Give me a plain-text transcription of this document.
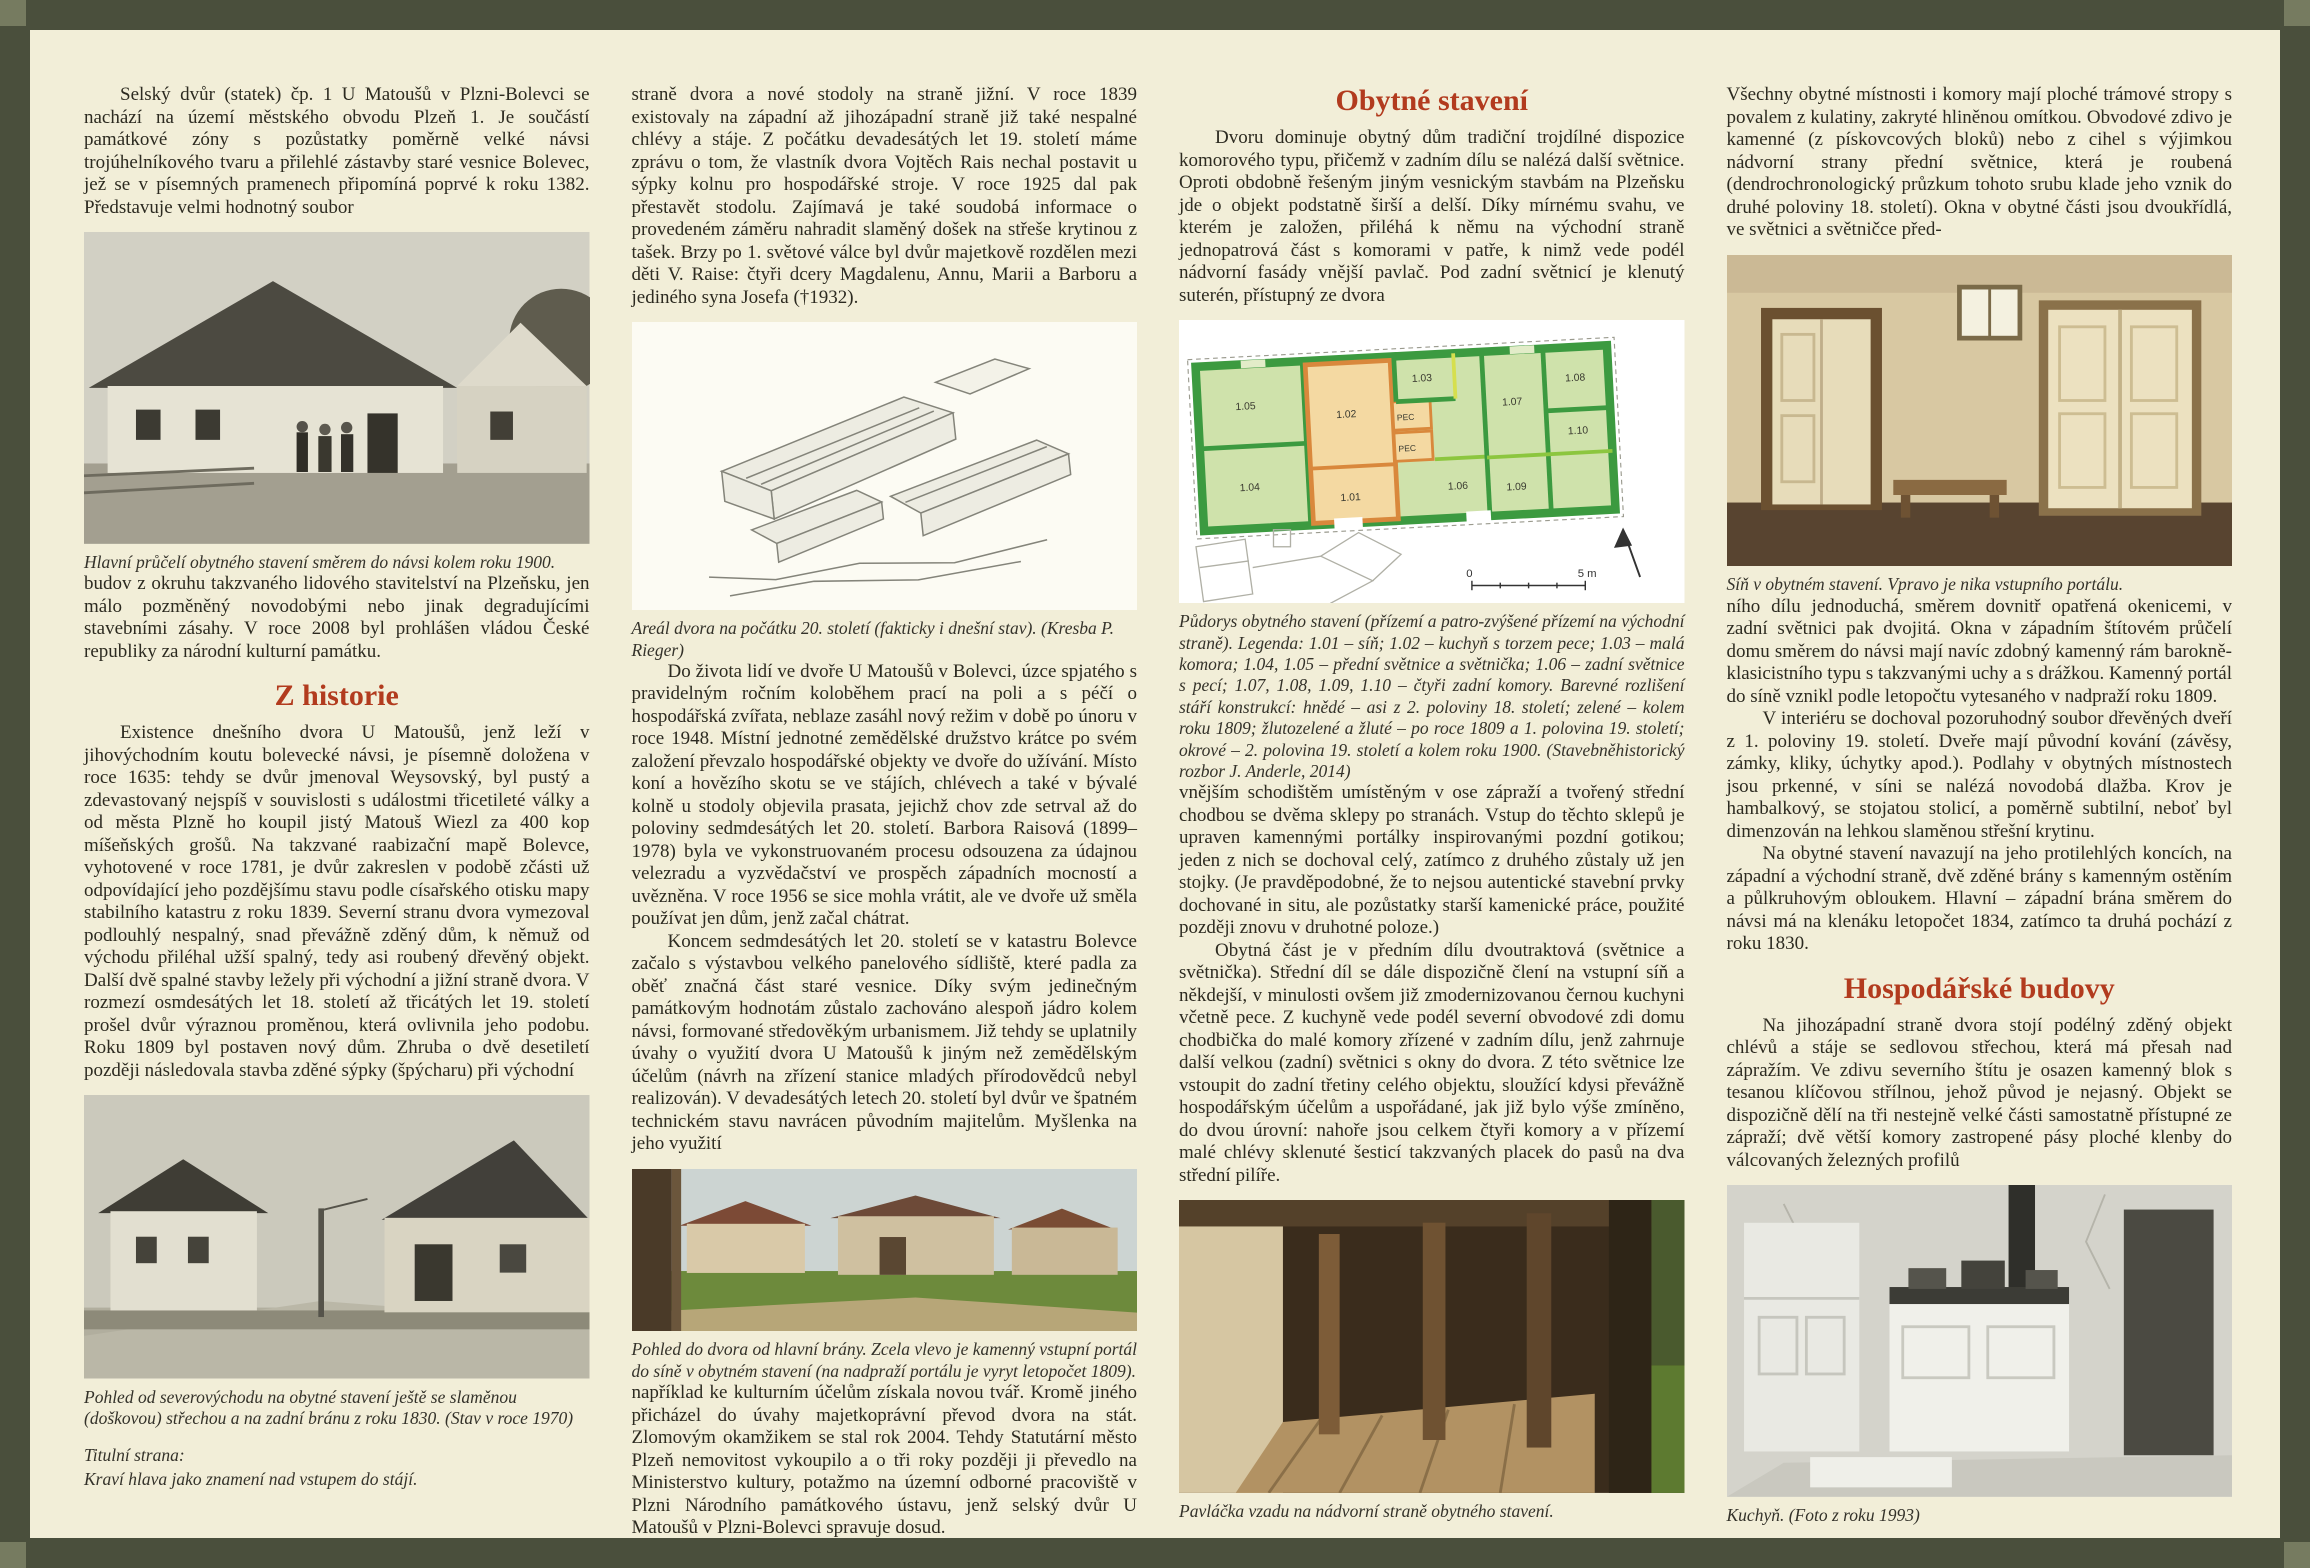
Selský dvůr (statek) čp. 1 U Matoušů v Plzni-Bolevci se nachází na území městského obvodu Plzeň 1. Je součástí památkové zóny s pozůstatky poměrně velké návsi trojúhelníkového tvaru a přilehlé zástavby staré vesnice Bolevec, jež se v písemných pramenech připomíná poprvé k roku 1382. Představuje velmi hodnotný soubor

Hlavní průčelí obytného stavení směrem do návsi kolem roku 1900.

budov z okruhu takzvaného lidového stavitelství na Plzeňsku, jen málo pozměněný novodobými nebo jinak degradujícími stavebními zásahy. V roce 2008 byl prohlášen vládou České republiky za národní kulturní památku.

Z historie

Existence dnešního dvora U Matoušů, jenž leží v jihovýchodním koutu bolevecké návsi, je písemně doložena v roce 1635: tehdy se dvůr jmenoval Weysovský, byl pustý a zdevastovaný nejspíš v souvislosti s událostmi třicetileté války a od města Plzně ho koupil jistý Matouš Wiezl za 400 kop míšeňských grošů. Na takzvané raabizační mapě Bolevce, vyhotovené v roce 1781, je dvůr zakreslen v podobě zčásti už odpovídající jeho pozdějšímu stavu podle císařského otisku mapy stabilního katastru z roku 1839. Severní stranu dvora vymezoval podlouhlý nespalný, snad převážně zděný dům, k němuž od východu přiléhal užší spalný, tedy asi roubený dřevěný objekt. Další dvě spalné stavby ležely při východní a jižní straně dvora. V rozmezí osmdesátých let 18. století až třicátých let 19. století prošel dvůr výraznou proměnou, která ovlivnila jeho podobu. Roku 1809 byl postaven nový dům. Zhruba o dvě desetiletí později následovala stavba zděné sýpky (špýcharu) při východní

Pohled od severovýchodu na obytné stavení ještě se slaměnou (doškovou) střechou a na zadní bránu z roku 1830. (Stav v roce 1970)

Titulní strana:

Kraví hlava jako znamení nad vstupem do stájí.

straně dvora a nové stodoly na straně jižní. V roce 1839 existovaly na západní až jihozápadní straně již také nespalné chlévy a stáje. Z počátku devadesátých let 19. století máme zprávu o tom, že vlastník dvora Vojtěch Rais nechal postavit u sýpky kolnu pro hospodářské stroje. V roce 1925 dal pak přestavět stodolu. Zajímavá je také soudobá informace o provedeném záměru nahradit slaměný došek na střeše krytinou z tašek. Brzy po 1. světové válce byl dvůr majetkově rozdělen mezi děti V. Raise: čtyři dcery Magdalenu, Annu, Marii a Barboru a jediného syna Josefa (†1932).

Areál dvora na počátku 20. století (fakticky i dnešní stav). (Kresba P. Rieger)

Do života lidí ve dvoře U Matoušů v Bolevci, úzce spjatého s pravidelným ročním koloběhem prací na poli a s péčí o hospodářská zvířata, neblaze zasáhl nový režim v době po únoru v roce 1948. Místní jednotné zemědělské družstvo krátce po svém založení převzalo hospodářské objekty ve dvoře do užívání. Místo koní a hovězího skotu se ve stájích, chlévech a také v bývalé kolně u stodoly objevila prasata, jejichž chov zde setrval až do poloviny sedmdesátých let 20. století. Barbora Raisová (1899–1978) byla ve vykonstruovaném procesu odsouzena za údajnou velezradu a vyzvědačství ve prospěch západních mocností a uvězněna. V roce 1956 se sice mohla vrátit, ale ve dvoře už směla používat jen dům, jenž začal chátrat.

Koncem sedmdesátých let 20. století se v katastru Bolevce začalo s výstavbou velkého panelového sídliště, které padla za oběť značná část staré vesnice. Díky svým jedinečným památkovým hodnotám zůstalo zachováno alespoň jádro kolem návsi, formované středověkým urbanismem. Již tehdy se uplatnily úvahy o využití dvora U Matoušů k jiným než zemědělským účelům (návrh na zřízení stanice mladých přírodovědců nebyl realizován). V devadesátých letech 20. století byl dvůr ve špatném technickém stavu navrácen původním majitelům. Myšlenka na jeho využití

Pohled do dvora od hlavní brány. Zcela vlevo je kamenný vstupní portál do síně v obytném stavení (na nadpraží portálu je vyryt letopočet 1809).

například ke kulturním účelům získala novou tvář. Kromě jiného přicházel do úvahy majetkoprávní převod dvora na stát. Zlomovým okamžikem se stal rok 2004. Tehdy Statutární město Plzeň nemovitost vykoupilo a o tři roky později ji převedlo na Ministerstvo kultury, potažmo na územní odborné pracoviště v Plzni Národního památkového ústavu, jenž selský dvůr U Matoušů v Plzni-Bolevci spravuje dosud.

Obytné stavení

Dvoru dominuje obytný dům tradiční trojdílné dispozice komorového typu, přičemž v zadním dílu se nalézá další světnice. Oproti obdobně řešeným jiným vesnickým stavbám na Plzeňsku jde o objekt podstatně širší a delší. Díky mírnému svahu, ve kterém je založen, přiléhá k němu na východní straně jednopatrová část s komorami v patře, k nimž vede podél nádvorní fasády vnější pavlač. Pod zadní světnicí je klenutý suterén, přístupný ze dvora

1.05
1.04
1.02
1.01
1.03
1.06
1.07
1.08
1.09
1.10
PEC
PEC
0	5 m
Půdorys obytného stavení (přízemí a patro-zvýšené přízemí na východní straně). Legenda: 1.01 – síň; 1.02 – kuchyň s torzem pece; 1.03 – malá komora; 1.04, 1.05 – přední světnice a světnička; 1.06 – zadní světnice s pecí; 1.07, 1.08, 1.09, 1.10 – čtyři zadní komory. Barevné rozlišení stáří konstrukcí: hnědé – asi z 2. poloviny 18. století; zelené – kolem roku 1809; žlutozelené a žluté – po roce 1809 a 1. polovina 19. století; okrové – 2. polovina 19. století a kolem roku 1900. (Stavebněhistorický rozbor J. Anderle, 2014)

vnějším schodištěm umístěným v ose zápraží a tvořený střední chodbou se dvěma sklepy po stranách. Vstup do těchto sklepů je upraven kamennými portálky inspirovanými pozdní gotikou; jeden z nich se dochoval celý, zatímco z druhého zůstaly už jen stojky. (Je pravděpodobné, že to nejsou autentické stavební prvky dochované in situ, ale pozůstatky starší kamenické práce, použité později znovu v druhotné poloze.)

Obytná část je v předním dílu dvoutraktová (světnice a světnička). Střední díl se dále dispozičně člení na vstupní síň a někdejší, v minulosti ovšem již zmodernizovanou černou kuchyni včetně pece. Z kuchyně vede podél severní obvodové zdi domu chodbička do malé komory zřízené v zadním dílu, jenž zahrnuje další velkou (zadní) světnici s okny do dvora. Z této světnice lze vstoupit do zadní třetiny celého objektu, sloužící kdysi převážně hospodářským účelům a uspořádané, jak již bylo výše zmíněno, do dvou úrovní: nahoře jsou celkem čtyři komory a v přízemí malé chlévy sklenuté šesticí takzvaných placek do pasů na dva střední pilíře.

Pavláčka vzadu na nádvorní straně obytného stavení.

Všechny obytné místnosti i komory mají ploché trámové stropy s povalem z kulatiny, zakryté hliněnou omítkou. Obvodové zdivo je kamenné (z pískovcových bloků) nebo z cihel s výjimkou nádvorní strany přední světnice, která je roubená (dendrochronologický průzkum tohoto srubu klade jeho vznik do druhé poloviny 18. století). Okna v obytné části jsou dvoukřídlá, ve světnici a světničce před-

Síň v obytném stavení. Vpravo je nika vstupního portálu.

ního dílu jednoduchá, směrem dovnitř opatřená okenicemi, v zadní světnici pak dvojitá. Okna v západním štítovém průčelí domu směrem do návsi mají navíc zdobný kamenný rám barokně-klasicistního typu s takzvanými uchy a s drážkou. Kamenný portál do síně vznikl podle letopočtu vytesaného v nadpraží roku 1809.

V interiéru se dochoval pozoruhodný soubor dřevěných dveří z 1. poloviny 19. století. Dveře mají původní kování (závěsy, zámky, kliky, úchytky apod.). Podlahy v obytných místnostech jsou prkenné, v síni se nalézá novodobá dlažba. Krov je hambalkový, se stojatou stolicí, a poměrně subtilní, neboť byl dimenzován na lehkou slaměnou střešní krytinu.

Na obytné stavení navazují na jeho protilehlých koncích, na západní a východní straně, dvě zděné brány s kamenným ostěním a půlkruhovým obloukem. Hlavní – západní brána směrem do návsi má na klenáku letopočet 1834, zatímco ta druhá pochází z roku 1830.

Hospodářské budovy

Na jihozápadní straně dvora stojí podélný zděný objekt chlévů a stáje se sedlovou střechou, která má přesah nad zápražím. Ve zdivu severního štítu je osazen kamenný blok s tesanou klíčovou střílnou, jehož původ je nejasný. Objekt se dispozičně dělí na tři nestejně velké části samostatně přístupné ze zápraží; dvě větší komory zastropené pásy ploché klenby do válcovaných železných profilů

Kuchyň. (Foto z roku 1993)
